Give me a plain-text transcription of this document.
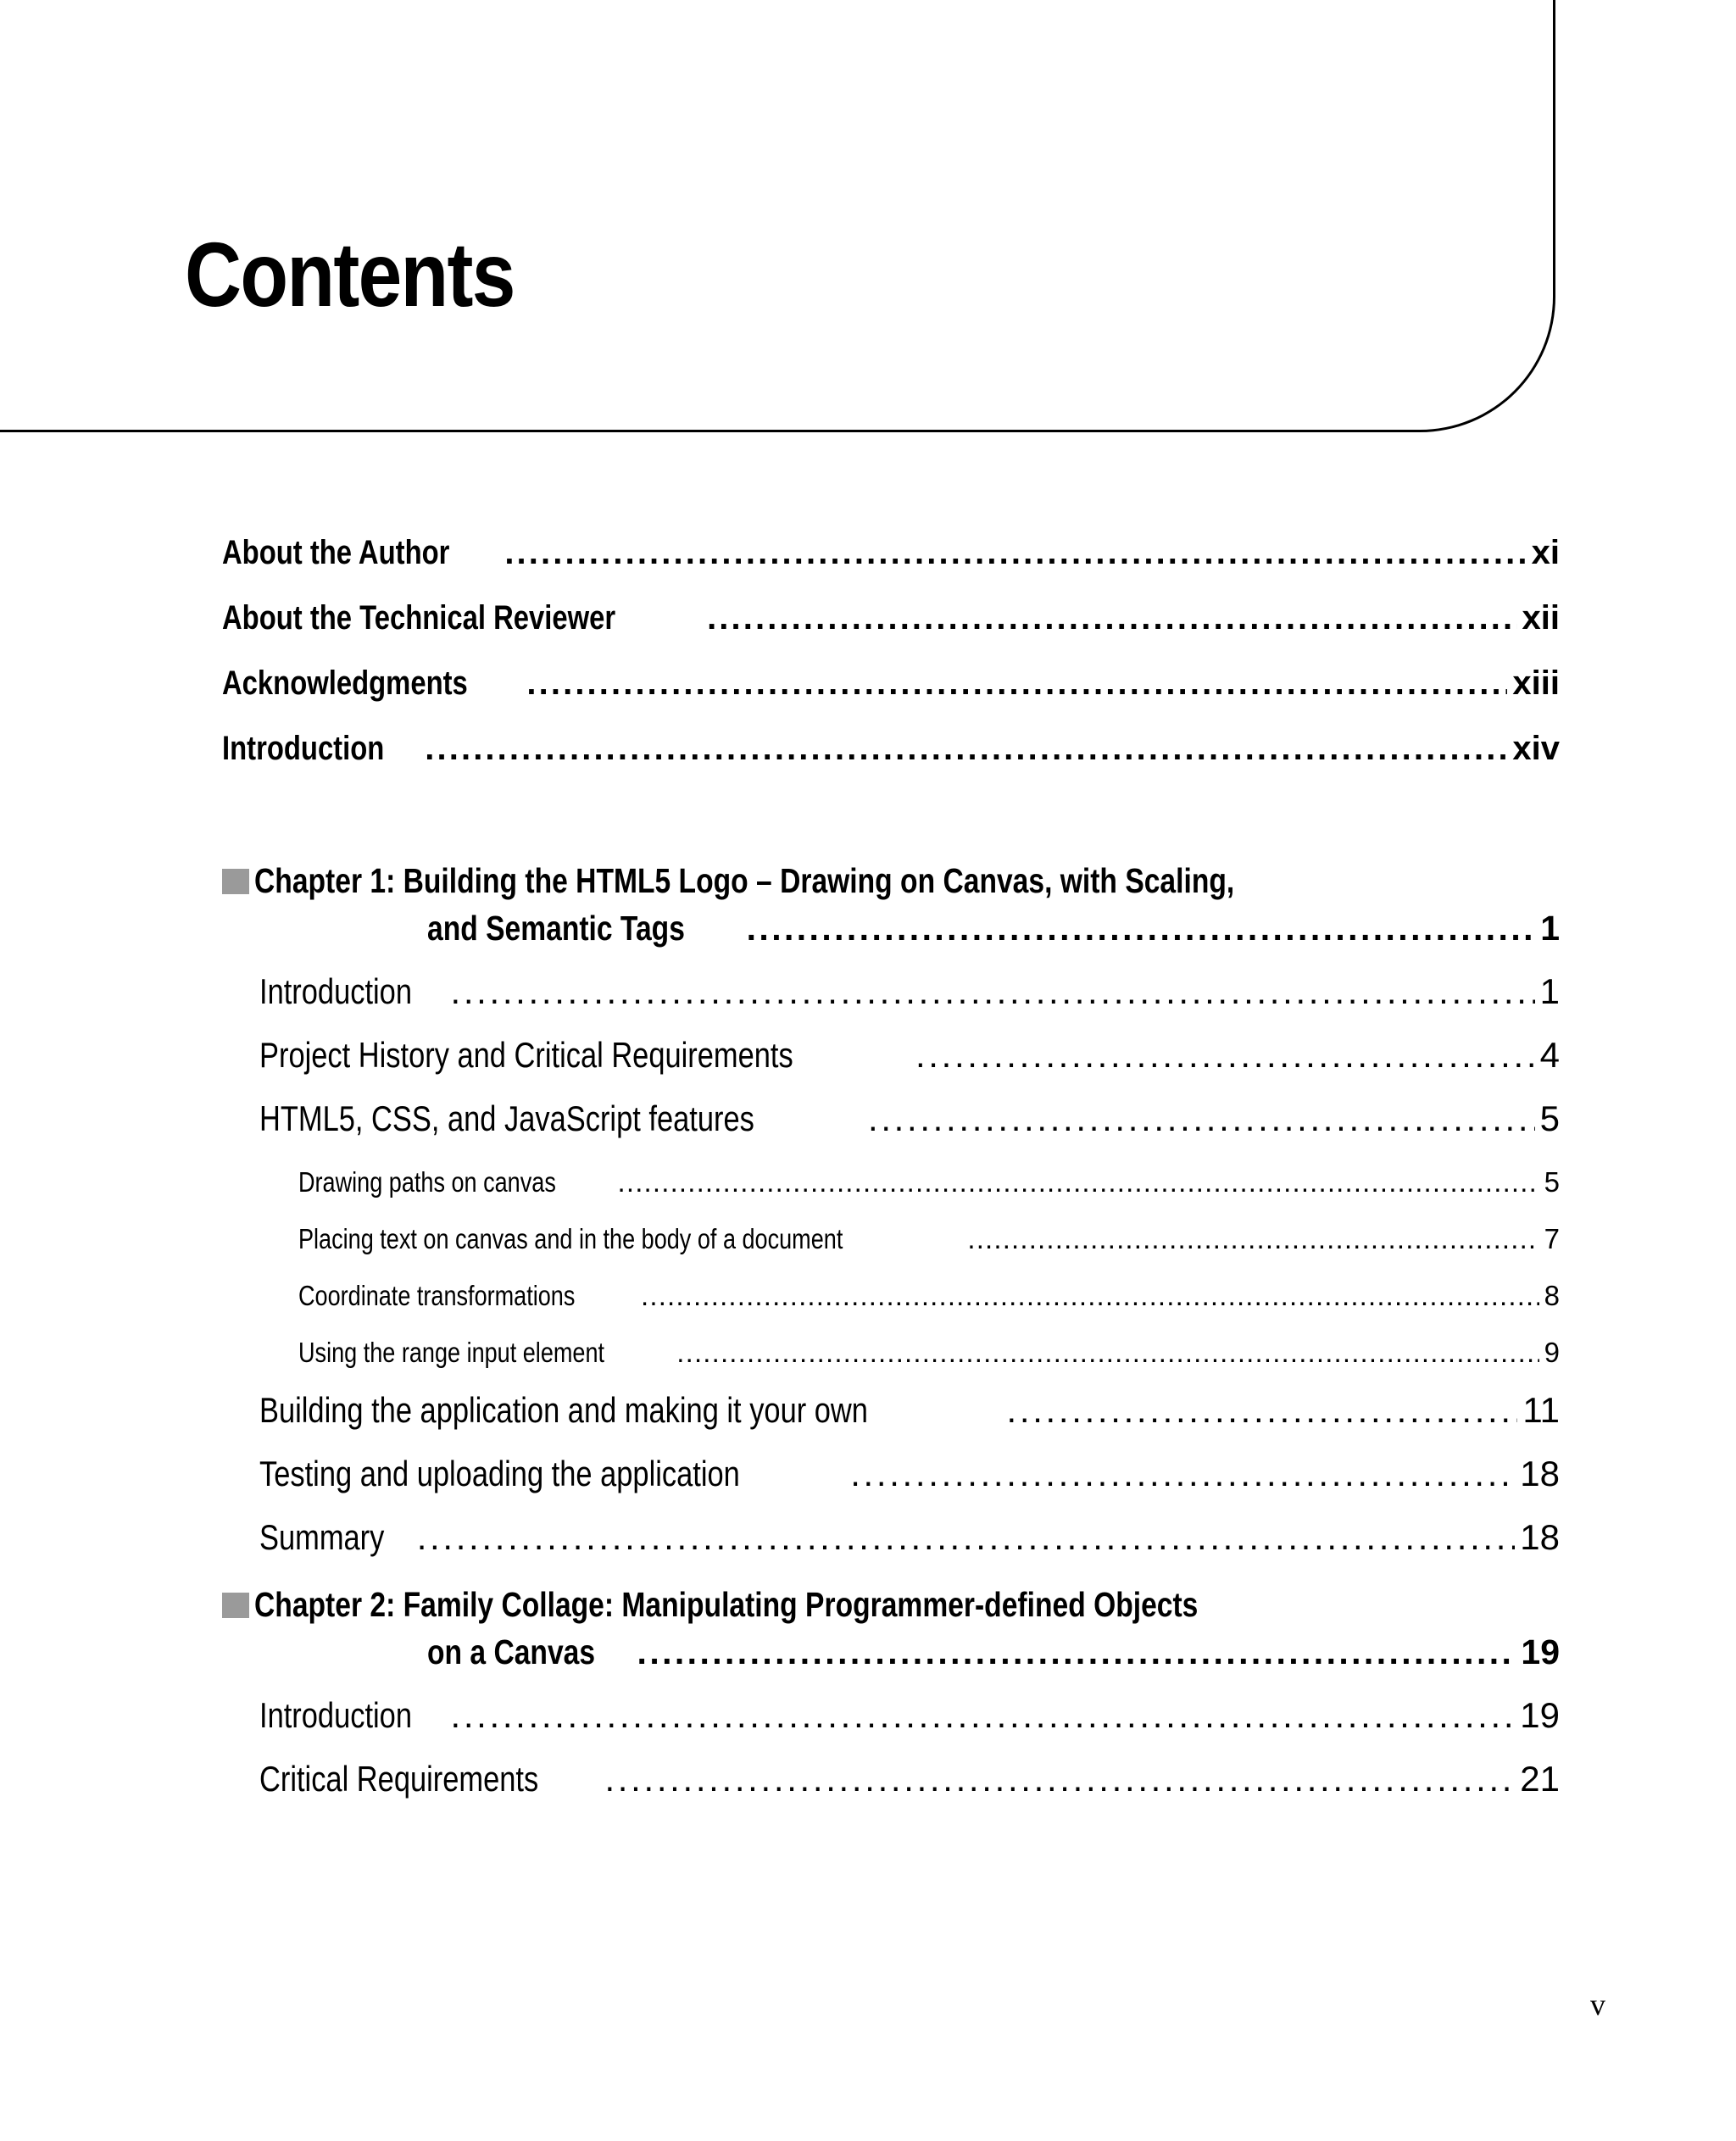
Contents
About the Author . . .	xi
About the Technical Reviewer . . .	xii
Acknowledgments . . .	xiii
Introduction . . .	xiv
Chapter 1: Building the HTML5 Logo – Drawing on Canvas, with Scaling,
and Semantic Tags . . .	1
Introduction . . .	1
Project History and Critical Requirements . . .	4
HTML5, CSS, and JavaScript features . . .	5
Drawing paths on canvas . . .	5
Placing text on canvas and in the body of a document . . .	7
Coordinate transformations . . .	8
Using the range input element . . .	9
Building the application and making it your own . . .	11
Testing and uploading the application . . .	18
Summary . . .	18
Chapter 2: Family Collage: Manipulating Programmer-defined Objects
on a Canvas . . .	19
Introduction . . .	19
Critical Requirements . . .	21
v
